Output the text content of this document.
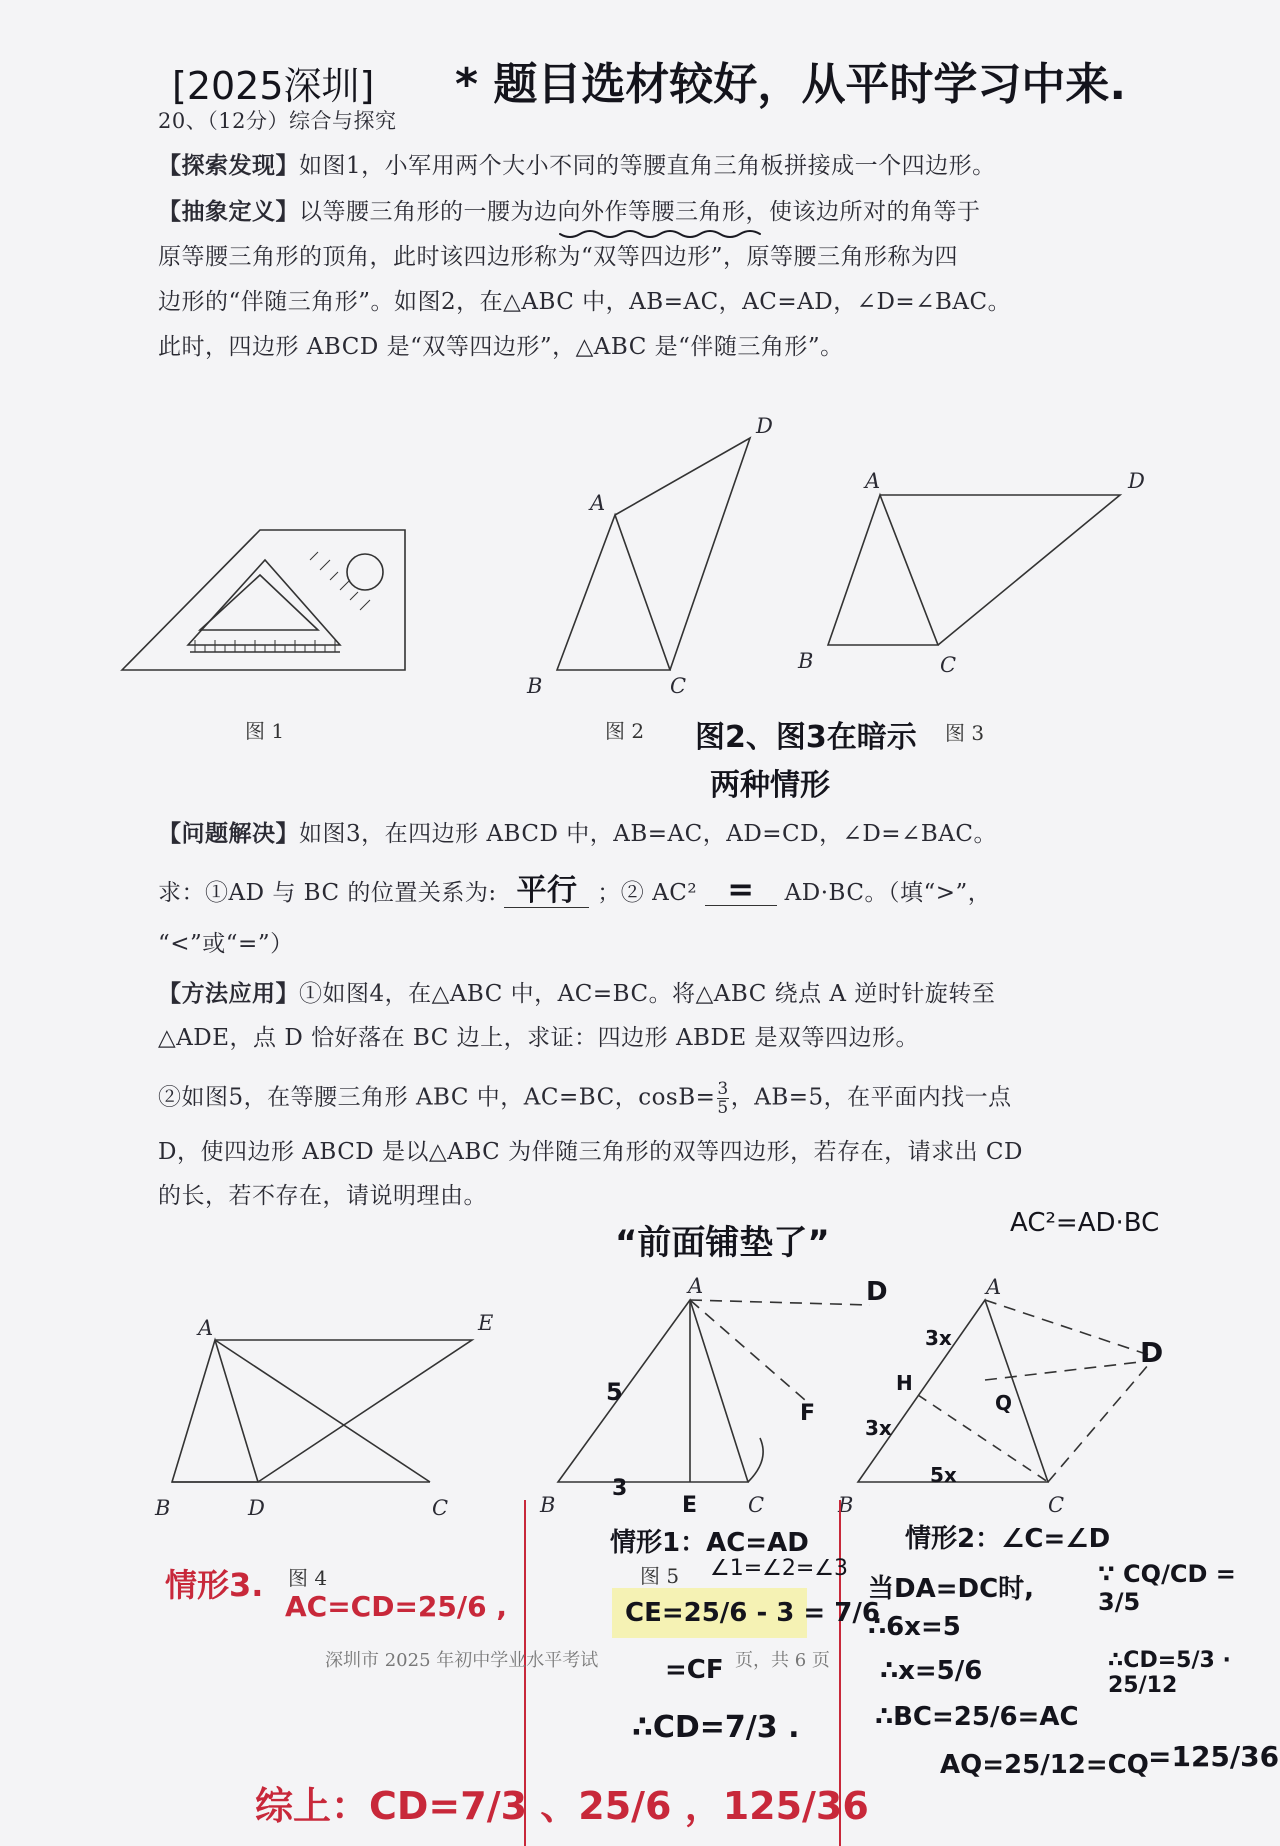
[2025深圳] * 题目选材较好，从平时学习中来.
20、（12分）综合与探究
【探索发现】如图1，小军用两个大小不同的等腰直角三角板拼接成一个四边形。
【抽象定义】以等腰三角形的一腰为边向外作等腰三角形，使该边所对的角等于
原等腰三角形的顶角，此时该四边形称为“双等四边形”，原等腰三角形称为四
边形的“伴随三角形”。如图2，在△ABC 中，AB=AC，AC=AD，∠D=∠BAC。
此时，四边形 ABCD 是“双等四边形”，△ABC 是“伴随三角形”。
A
B	C
D
A
B	C
D
A
B	D	C
E
A
B	C
D
E
F
5
3
A
B	C
D
H
Q
3x
3x
5x
图 1	图 2	图 3
图 4	图 5
图2、图3在暗示
两种情形
【问题解决】如图3，在四边形 ABCD 中，AB=AC，AD=CD，∠D=∠BAC。
求：①AD 与 BC 的位置关系为: 平行 ；② AC² = AD·BC。（填“>”，
“<”或“=”）
【方法应用】①如图4，在△ABC 中，AC=BC。将△ABC 绕点 A 逆时针旋转至
△ADE，点 D 恰好落在 BC 边上，求证：四边形 ABDE 是双等四边形。
②如图5，在等腰三角形 ABC 中，AC=BC，$\cos B= \frac{3}{5}$ ，AB=5，在平面内找一点
D，使四边形 ABCD 是以△ABC 为伴随三角形的双等四边形，若存在，请求出 CD
的长，若不存在，请说明理由。
“前面铺垫了”	AC²=AD·BC
情形3.
AC=CD=25/6 ,
情形1：AC=AD
∠1=∠2=∠3
CE=25/6 - 3 = 7/6
=CF
∴CD=7/3 .
情形2：∠C=∠D
当DA=DC时,
∴6x=5
∴x=5/6
∴BC=25/6=AC
AQ=25/12=CQ
∵ CQ/CD = 3/5
∴CD=5/3 · 25/12
=125/36
综上：CD=7/3 、25/6 ，125/36
深圳市 2025 年初中学业水平考试	页，共 6 页
